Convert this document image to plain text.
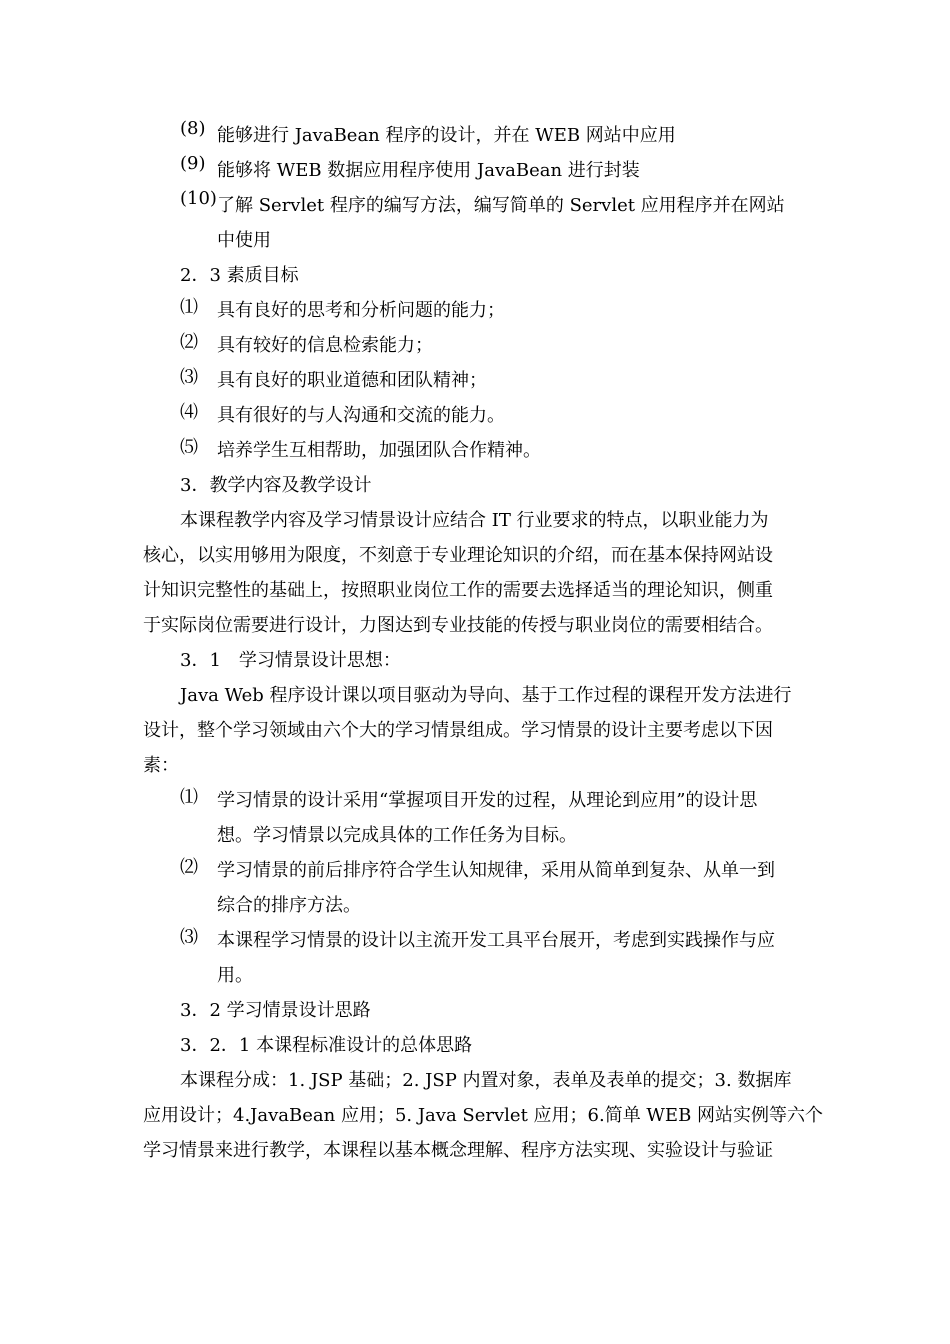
(8) 能够进行 JavaBean 程序的设计，并在 WEB 网站中应用
(9) 能够将 WEB 数据应用程序使用 JavaBean 进行封装
(10) 了解 Servlet 程序的编写方法，编写简单的 Servlet 应用程序并在网站
中使用
2．3 素质目标
⑴ 具有良好的思考和分析问题的能力；
⑵ 具有较好的信息检索能力；
⑶ 具有良好的职业道德和团队精神；
⑷ 具有很好的与人沟通和交流的能力。
⑸ 培养学生互相帮助，加强团队合作精神。
3．教学内容及教学设计
本课程教学内容及学习情景设计应结合 IT 行业要求的特点，以职业能力为
核心，以实用够用为限度，不刻意于专业理论知识的介绍，而在基本保持网站设
计知识完整性的基础上，按照职业岗位工作的需要去选择适当的理论知识，侧重
于实际岗位需要进行设计，力图达到专业技能的传授与职业岗位的需要相结合。
3．1　学习情景设计思想：
Java Web 程序设计课以项目驱动为导向、基于工作过程的课程开发方法进行
设计，整个学习领域由六个大的学习情景组成。学习情景的设计主要考虑以下因
素：
⑴ 学习情景的设计采用“掌握项目开发的过程，从理论到应用”的设计思
想。学习情景以完成具体的工作任务为目标。
⑵ 学习情景的前后排序符合学生认知规律，采用从简单到复杂、从单一到
综合的排序方法。
⑶ 本课程学习情景的设计以主流开发工具平台展开，考虑到实践操作与应
用。
3．2 学习情景设计思路
3．2．1 本课程标准设计的总体思路
本课程分成：1. JSP 基础；2. JSP 内置对象，表单及表单的提交；3. 数据库
应用设计；4.JavaBean 应用；5. Java Servlet 应用；6.简单 WEB 网站实例等六个
学习情景来进行教学，本课程以基本概念理解、程序方法实现、实验设计与验证
